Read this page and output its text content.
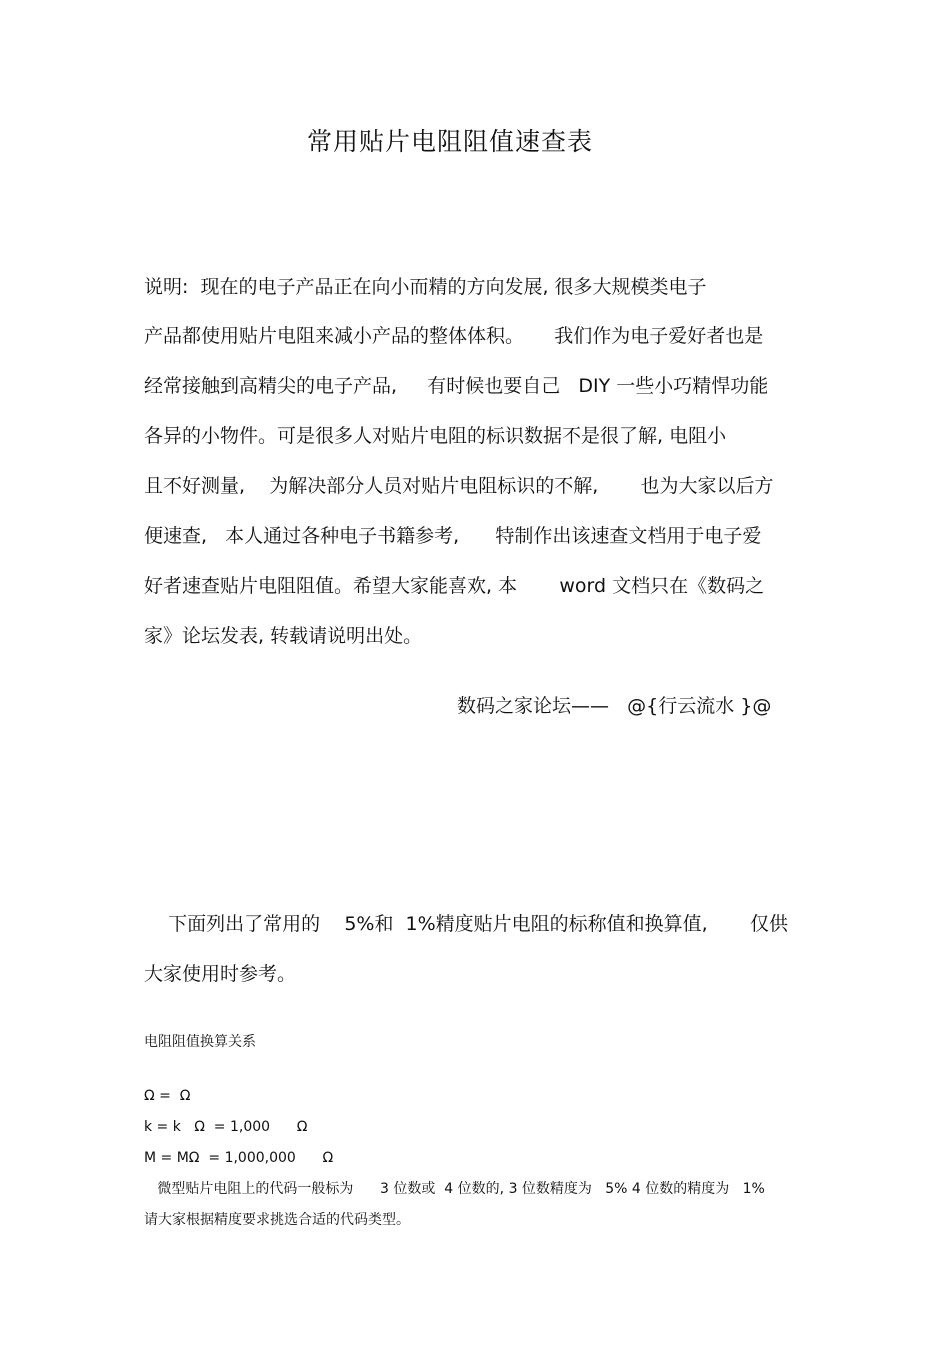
常用贴片电阻阻值速查表
说明:  现在的电子产品正在向小而精的方向发展, 很多大规模类电子
产品都使用贴片电阻来减小产品的整体体积。     我们作为电子爱好者也是
经常接触到高精尖的电子产品,     有时候也要自己   DIY 一些小巧精悍功能
各异的小物件。可是很多人对贴片电阻的标识数据不是很了解, 电阻小
且不好测量,    为解决部分人员对贴片电阻标识的不解,       也为大家以后方
便速查,   本人通过各种电子书籍参考,      特制作出该速查文档用于电子爱
好者速查贴片电阻阻值。希望大家能喜欢, 本       word 文档只在《数码之
家》论坛发表, 转载请说明出处。
数码之家论坛——   @{行云流水 }@
下面列出了常用的    5%和  1%精度贴片电阻的标称值和换算值,       仅供
大家使用时参考。
电阻阻值换算关系
Ω =  Ω
k = k   Ω  = 1,000      Ω
M = MΩ  = 1,000,000      Ω
微型贴片电阻上的代码一般标为      3 位数或  4 位数的, 3 位数精度为   5% 4 位数的精度为   1%
请大家根据精度要求挑选合适的代码类型。
